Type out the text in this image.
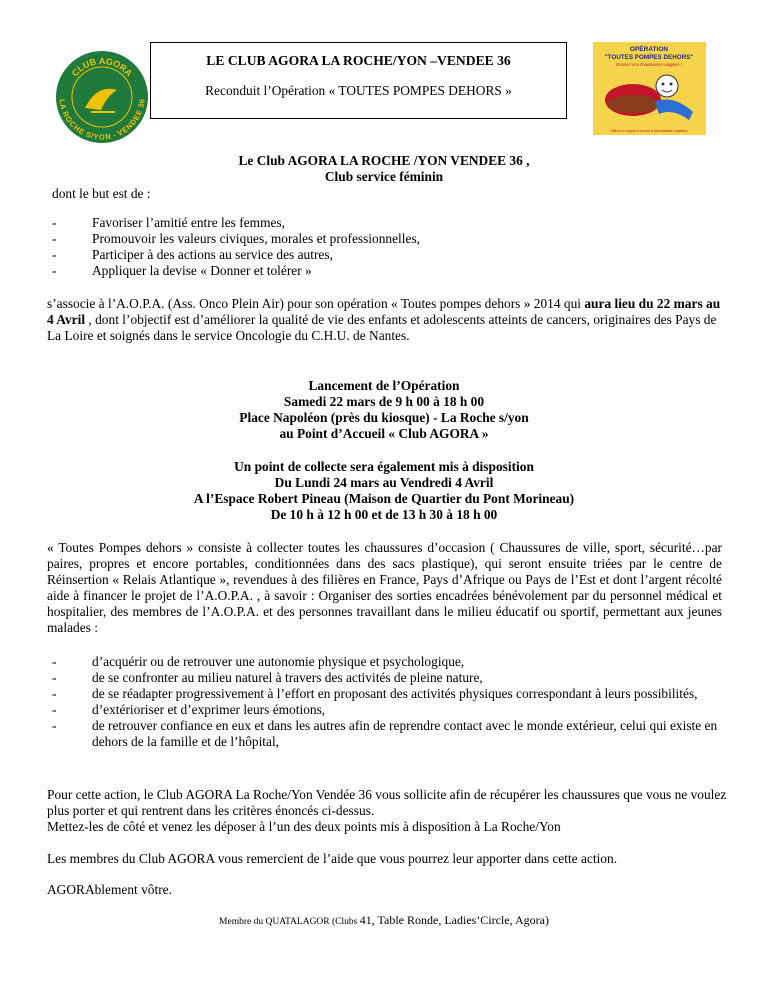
CLUB AGORA
LA ROCHE S/YON - VENDEE 36
LE CLUB AGORA LA ROCHE/YON –VENDEE 36
Reconduit l’Opération « TOUTES POMPES DEHORS »
OPÉRATION
"TOUTES POMPES DEHORS"
Donnez vos chaussures usagées !
Offrez un séjour à la mer à des enfants malades
Le Club AGORA LA ROCHE /YON VENDEE 36 ,
Club service féminin
dont le but est de :
-	Favoriser l’amitié entre les femmes,
-	Promouvoir les valeurs civiques, morales et professionnelles,
-	Participer à des actions au service des autres,
-	Appliquer la devise « Donner et tolérer »
s’associe à l’A.O.P.A. (Ass. Onco Plein Air) pour son opération « Toutes pompes dehors » 2014 qui aura lieu du 22 mars au 4 Avril , dont l’objectif est d’améliorer la qualité de vie des enfants et adolescents atteints de cancers, originaires des Pays de La Loire et soignés dans le service Oncologie du C.H.U. de Nantes.
Lancement de l’Opération
Samedi 22 mars de 9 h 00 à 18 h 00
Place Napoléon (près du kiosque) - La Roche s/yon
au Point d’Accueil « Club AGORA »
Un point de collecte sera également mis à disposition
Du Lundi 24 mars au Vendredi 4 Avril
A l’Espace Robert Pineau (Maison de Quartier du Pont Morineau)
De 10 h à 12 h 00 et de 13 h 30 à 18 h 00
« Toutes Pompes dehors » consiste à collecter toutes les chaussures d’occasion ( Chaussures de ville, sport, sécurité…par paires, propres et encore portables, conditionnées dans des sacs plastique), qui seront ensuite triées par le centre de Réinsertion « Relais Atlantique », revendues à des filières en France, Pays d’Afrique ou Pays de l’Est et dont l’argent récolté aide à financer le projet de l’A.O.P.A. , à savoir : Organiser des sorties encadrées bénévolement par du personnel médical et hospitalier, des membres de l’A.O.P.A. et des personnes travaillant dans le milieu éducatif ou sportif, permettant aux jeunes malades :
-	d’acquérir ou de retrouver une autonomie physique et psychologique,
-	de se confronter au milieu naturel à travers des activités de pleine nature,
-	de se réadapter progressivement à l’effort en proposant des activités physiques correspondant à leurs possibilités,
-	d’extérioriser et d’exprimer leurs émotions,
-	de retrouver confiance en eux et dans les autres afin de reprendre contact avec le monde extérieur, celui qui existe en dehors de la famille et de l’hôpital,
Pour cette action, le Club AGORA La Roche/Yon Vendée 36 vous sollicite afin de récupérer les chaussures que vous ne voulez plus porter et qui rentrent dans les critères énoncés ci-dessus.
Mettez-les de côté et venez les déposer à l’un des deux points mis à disposition à La Roche/Yon
Les membres du Club AGORA vous remercient de l’aide que vous pourrez leur apporter dans cette action.
AGORAblement vôtre.
Membre du QUATALAGOR (Clubs 41, Table Ronde, Ladies’Circle, Agora)
